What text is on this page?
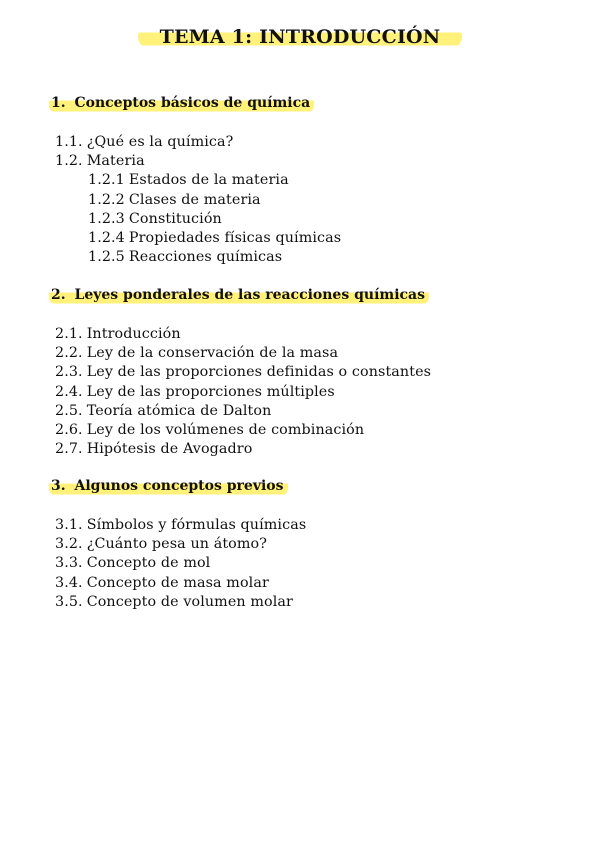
TEMA 1: INTRODUCCIÓN
1. Conceptos básicos de química
1.1. ¿Qué es la química?
1.2. Materia
1.2.1 Estados de la materia
1.2.2 Clases de materia
1.2.3 Constitución
1.2.4 Propiedades físicas químicas
1.2.5 Reacciones químicas
2. Leyes ponderales de las reacciones químicas
2.1. Introducción
2.2. Ley de la conservación de la masa
2.3. Ley de las proporciones definidas o constantes
2.4. Ley de las proporciones múltiples
2.5. Teoría atómica de Dalton
2.6. Ley de los volúmenes de combinación
2.7. Hipótesis de Avogadro
3. Algunos conceptos previos
3.1. Símbolos y fórmulas químicas
3.2. ¿Cuánto pesa un átomo?
3.3. Concepto de mol
3.4. Concepto de masa molar
3.5. Concepto de volumen molar
